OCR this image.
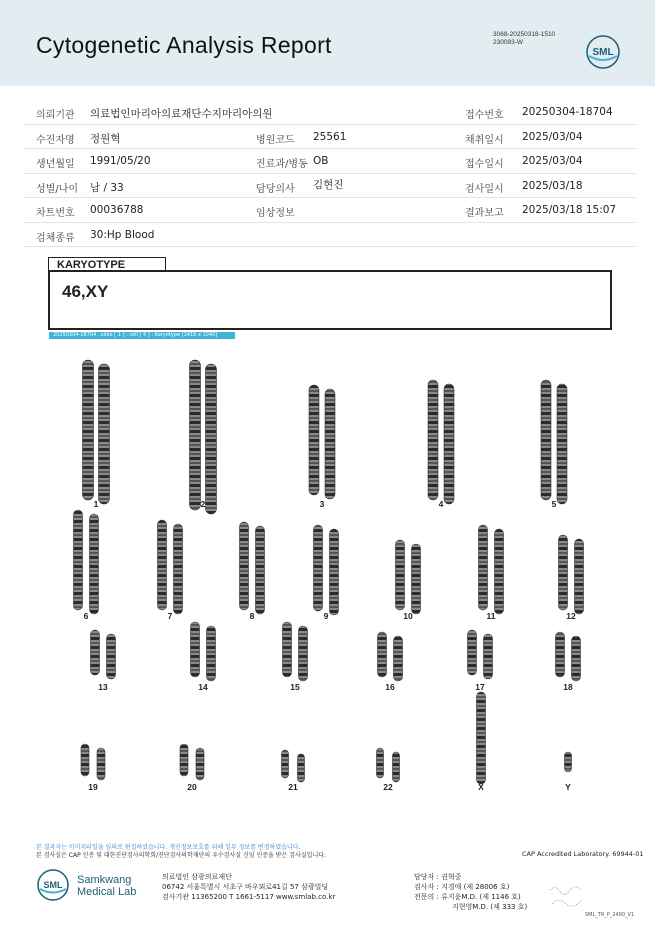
Cytogenetic Analysis Report	3068-20250318-1510
230083-W
SML
의뢰기관 의료법인마리아의료재단수지마리아의원	접수번호 20250304-18704
수진자명 정원혁	병원코드 25561	채취일시 2025/03/04
생년월일 1991/05/20	진료과/병동 OB	접수일시 2025/03/04
성별/나이 남 / 33	담당의사 김현진	검사일시 2025/03/18
차트번호 00036788	임상정보	결과보고 2025/03/18 15:07
검체종류 30:Hp Blood
KARYOTYPE
46,XY
20250304-18704 . slide [ 1 ] : cell [ 4 ] : Karyotype [1416 x 1040]
1	2	3	4	5
6	7	8	9	10	11	12
13	14	15	16	17	18
19	20	21	22	X	Y
본 결과지는 이미지파일을 임의로 편집하였습니다. 개인정보보호를 위해 일부 정보를 변경하였습니다.
본 검사실은 CAP 인증 및 대한진단검사의학회/진단검사의학재단의 우수검사실 신임 인증을 받은 검사실입니다.	CAP Accredited Laboratory. 69944-01
SML Samkwang
Medical Lab
의료법인 삼광의료재단
06742 서울특별시 서초구 바우뫼로41길 57 삼광빌딩
검사기관 11365200 T 1661-5117 www.smlab.co.kr
담당자 : 권혁중
검사자 : 지경애 (제 28006 호)
전문의 : 류지윤M.D. (제 1146 호)
지현영M.D. (제 333 호)
SML_TR_P_2400_V1
